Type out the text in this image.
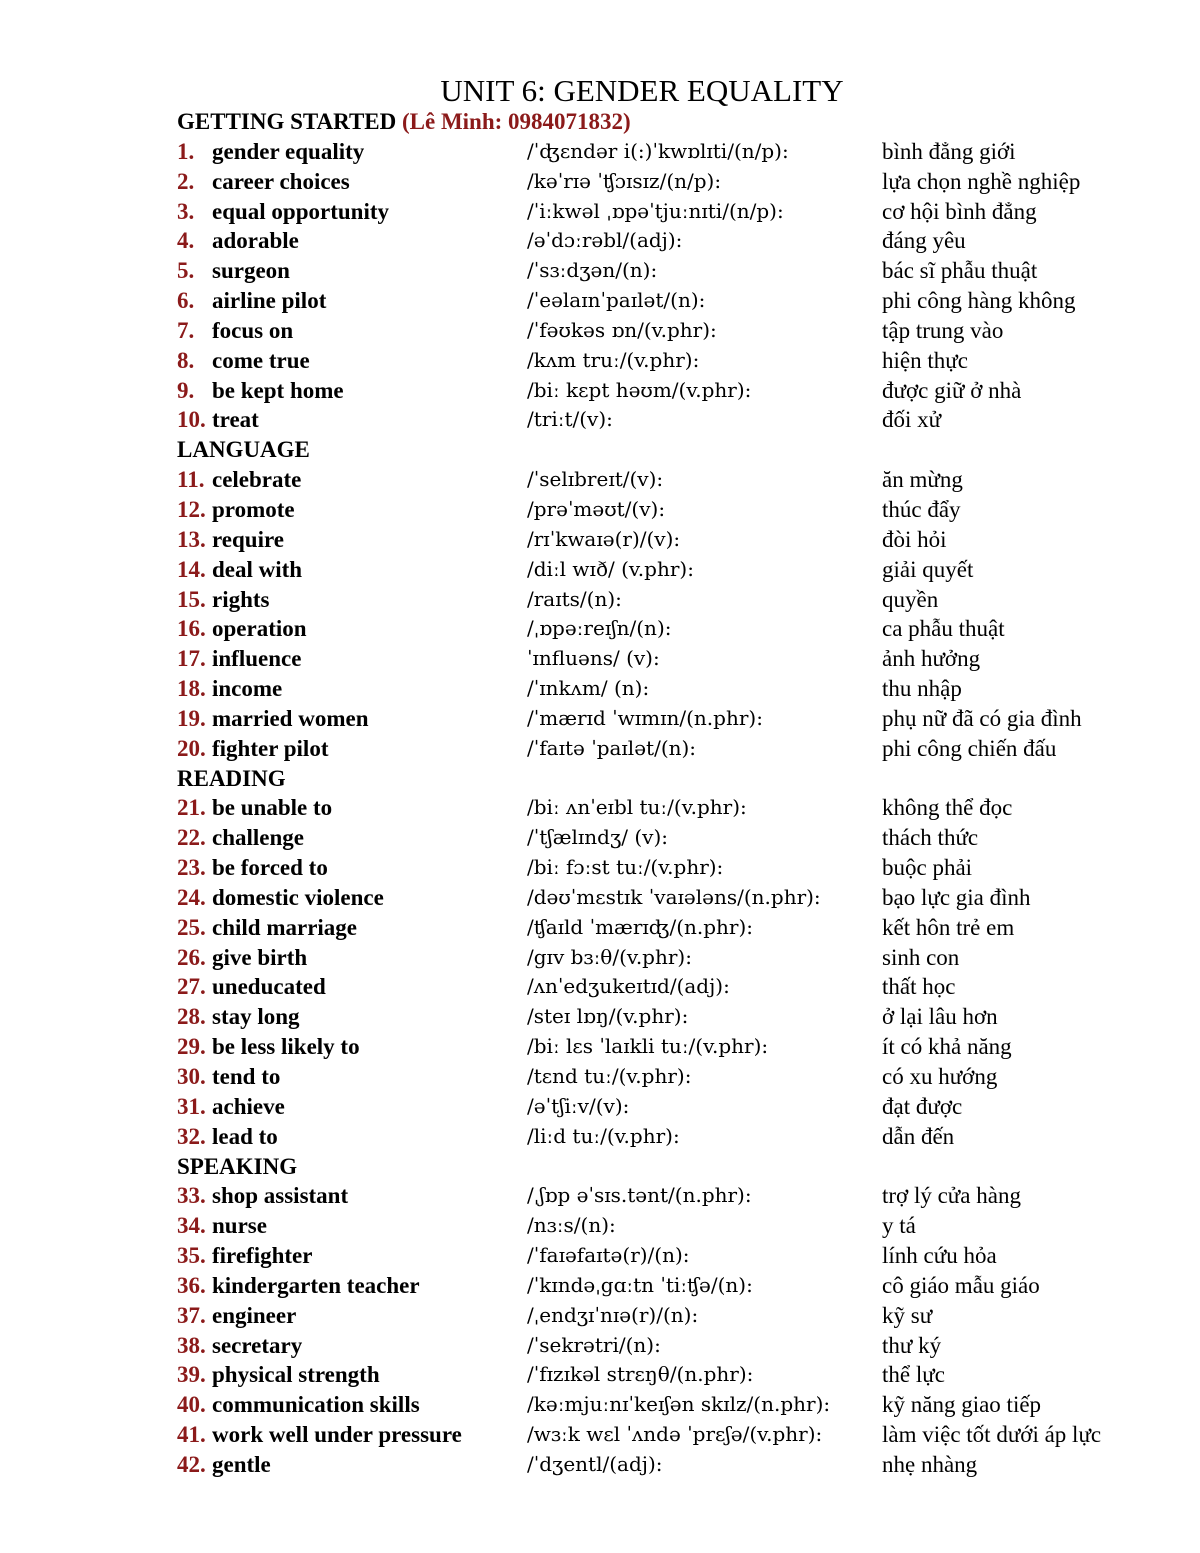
UNIT 6: GENDER EQUALITY
GETTING STARTED (Lê Minh: 0984071832)
1. gender equality	/ˈʤɛndər i(:)ˈkwɒlɪti/(n/p):	bình đẳng giới
2. career choices	/kəˈrɪə ˈʧɔɪsɪz/(n/p):	lựa chọn nghề nghiệp
3. equal opportunity	/ˈiːkwəl ˌɒpəˈtjuːnɪti/(n/p):	cơ hội bình đẳng
4. adorable	/əˈdɔːrəbl/(adj):	đáng yêu
5. surgeon	/ˈsɜːdʒən/(n):	bác sĩ phẫu thuật
6. airline pilot	/ˈeəlaɪnˈpaɪlət/(n):	phi công hàng không
7. focus on	/ˈfəʊkəs ɒn/(v.phr):	tập trung vào
8. come true	/kʌm truː/(v.phr):	hiện thực
9. be kept home	/biː kɛpt həʊm/(v.phr):	được giữ ở nhà
10. treat	/triːt/(v):	đối xử
LANGUAGE
11. celebrate	/ˈselɪbreɪt/(v):	ăn mừng
12. promote	/prəˈməʊt/(v):	thúc đẩy
13. require	/rɪˈkwaɪə(r)/(v):	đòi hỏi
14. deal with	/diːl wɪð/ (v.phr):	giải quyết
15. rights	/raɪts/(n):	quyền
16. operation	/ˌɒpəːreɪʃn/(n):	ca phẫu thuật
17. influence	ˈɪnfluəns/ (v):	ảnh hưởng
18. income	/ˈɪnkʌm/ (n):	thu nhập
19. married women	/ˈmærɪd ˈwɪmɪn/(n.phr):	phụ nữ đã có gia đình
20. fighter pilot	/ˈfaɪtə ˈpaɪlət/(n):	phi công chiến đấu
READING
21. be unable to	/biː ʌnˈeɪbl tuː/(v.phr):	không thể đọc
22. challenge	/ˈtʃælɪndʒ/ (v):	thách thức
23. be forced to	/biː fɔːst tuː/(v.phr):	buộc phải
24. domestic violence	/dəʊˈmɛstɪk ˈvaɪələns/(n.phr):	bạo lực gia đình
25. child marriage	/ʧaɪld ˈmærɪʤ/(n.phr):	kết hôn trẻ em
26. give birth	/gɪv bɜːθ/(v.phr):	sinh con
27. uneducated	/ʌnˈedʒukeɪtɪd/(adj):	thất học
28. stay long	/steɪ lɒŋ/(v.phr):	ở lại lâu hơn
29. be less likely to	/biː lɛs ˈlaɪkli tuː/(v.phr):	ít có khả năng
30. tend to	/tɛnd tuː/(v.phr):	có xu hướng
31. achieve	/əˈtʃiːv/(v):	đạt được
32. lead to	/liːd tuː/(v.phr):	dẫn đến
SPEAKING
33. shop assistant	/ˌʃɒp əˈsɪs.tənt/(n.phr):	trợ lý cửa hàng
34. nurse	/nɜːs/(n):	y tá
35. firefighter	/ˈfaɪəfaɪtə(r)/(n):	lính cứu hỏa
36. kindergarten teacher	/ˈkɪndəˌgɑːtn ˈtiːʧə/(n):	cô giáo mẫu giáo
37. engineer	/ˌendʒɪˈnɪə(r)/(n):	kỹ sư
38. secretary	/ˈsekrətri/(n):	thư ký
39. physical strength	/ˈfɪzɪkəl strɛŋθ/(n.phr):	thể lực
40. communication skills	/kəːmjuːnɪˈkeɪʃən skɪlz/(n.phr): kỹ năng giao tiếp
41. work well under pressure	/wɜːk wɛl ˈʌndə ˈprɛʃə/(v.phr):	làm việc tốt dưới áp lực
42. gentle	/ˈdʒentl/(adj):	nhẹ nhàng
